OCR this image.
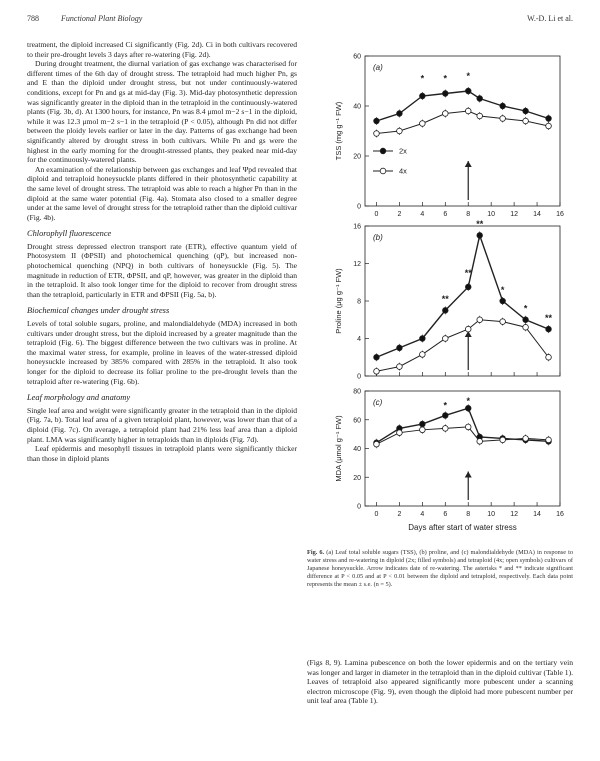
788	Functional Plant Biology	W.-D. Li et al.

treatment, the diploid increased Ci significantly (Fig. 2d). Ci in both cultivars recovered to their pre-drought levels 3 days after re-watering (Fig. 2d).

During drought treatment, the diurnal variation of gas exchange was characterised for different times of the 6th day of drought stress. The tetraploid had much higher Pn, gs and E than the diploid under drought stress, but not under continuously-watered conditions, except for Pn and gs at mid-day (Fig. 3). Mid-day photosynthetic depression was significantly greater in the diploid than in the tetraploid in the continuously-watered plants (Fig. 3b, d). At 1300 hours, for instance, Pn was 8.4 μmol m−2 s−1 in the diploid, while it was 12.3 μmol m−2 s−1 in the tetraploid (P < 0.05), although Pn did not differ between the ploidy levels earlier or later in the day. Patterns of gas exchange had been significantly altered by drought stress in both cultivars. While Pn and gs were the highest in the early morning for the drought-stressed plants, they peaked near mid-day for the continuously-watered plants.

An examination of the relationship between gas exchanges and leaf Ψpd revealed that diploid and tetraploid honeysuckle plants differed in their photosynthetic capability at the same level of drought stress. The tetraploid was able to reach a higher Pn than in the diploid at the same water potential (Fig. 4a). Stomata also closed to a smaller degree under at the same level of drought stress for the tetraploid rather than the diploid cultivar (Fig. 4b).

Chlorophyll fluorescence

Drought stress depressed electron transport rate (ETR), effective quantum yield of Photosystem II (ΦPSII) and photochemical quenching (qP), but increased non-photochemical quenching (NPQ) in both cultivars of honeysuckle (Fig. 5). The magnitude in reduction of ETR, ΦPSII, and qP, however, was greater in the diploid than in the tetraploid. It also took longer time for the diploid to recover from drought stress than the tetraploid, particularly in ETR and ΦPSII (Fig. 5a, b).

Biochemical changes under drought stress

Levels of total soluble sugars, proline, and malondialdehyde (MDA) increased in both cultivars under drought stress, but the diploid increased by a greater magnitude than the tetraploid (Fig. 6). The biggest difference between the two cultivars was in proline. At the maximal water stress, for example, proline in leaves of the water-stressed diploid honeysuckle increased by 385% compared with 285% in the tetraploid. It also took longer for the diploid to decrease its foliar proline to the pre-drought levels than the tetraploid after re-watering (Fig. 6b).

Leaf morphology and anatomy

Single leaf area and weight were significantly greater in the tetraploid than in the diploid (Fig. 7a, b). Total leaf area of a given tetraploid plant, however, was lower than that of a diploid (Fig. 7c). On average, a tetraploid plant had 21% less leaf area than a diploid plant. LMA was significantly higher in tetraploids than in diploids (Fig. 7d).

Leaf epidermis and mesophyll tissues in tetraploid plants were significantly thicker than those in diploid plants

0
20
40
60
0	2	4	6	8 10 12 14 16
TSS (mg g⁻¹ FW)
(a)
* * *
2x
4x
0
4
8
12
16
Proline (μg g⁻¹ FW)
(b)
**
**
**
*
*
**
0
20
40
60
80
0	2	4	6	8 10 12 14 16
MDA (μmol g⁻¹ FW)
(c)	* *
Days after start of water stress
Fig. 6. (a) Leaf total soluble sugars (TSS), (b) proline, and (c) malondialdehyde (MDA) in response to water stress and re-watering in diploid (2x; filled symbols) and tetraploid (4x; open symbols) cultivars of Japanese honeysuckle. Arrow indicates date of re-watering. The asterisks * and ** indicate significant difference at P < 0.05 and at P < 0.01 between the diploid and tetraploid, respectively. Each data point represents the mean ± s.e. (n = 5).

(Figs 8, 9). Lamina pubescence on both the lower epidermis and on the tertiary vein was longer and larger in diameter in the tetraploid than in the diploid cultivar (Table 1). Leaves of tetraploid also appeared significantly more pubescent under a scanning electron microscope (Fig. 9), even though the diploid had more pubescent number per unit leaf area (Table 1).
